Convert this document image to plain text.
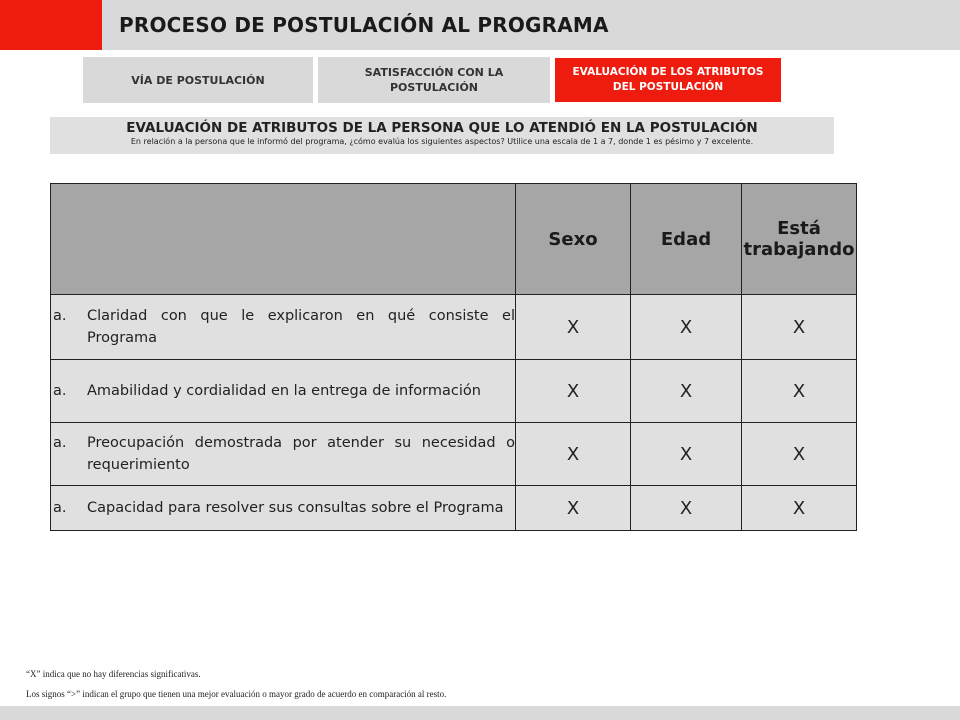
PROCESO DE POSTULACIÓN AL PROGRAMA
VÍA DE POSTULACIÓN
SATISFACCIÓN CON LA POSTULACIÓN
EVALUACIÓN DE LOS ATRIBUTOS DEL POSTULACIÓN
EVALUACIÓN DE ATRIBUTOS DE LA PERSONA QUE LO ATENDIÓ EN LA POSTULACIÓN
En relación a la persona que le informó del programa, ¿cómo evalúa los siguientes aspectos? Utilice una escala de 1 a 7, donde 1 es pésimo y 7 excelente.
	Sexo	Edad	Está trabajando

a. Claridad con que le explicaron en qué consiste el Programa	X	X	X

a. Amabilidad y cordialidad en la entrega de información	X	X	X

a. Preocupación demostrada por atender su necesidad o requerimiento	X	X	X

a. Capacidad para resolver sus consultas sobre el Programa	X	X	X
“X” indica que no hay diferencias significativas.
Los signos “>” indican el grupo que tienen una mejor evaluación o mayor grado de acuerdo en comparación al resto.
